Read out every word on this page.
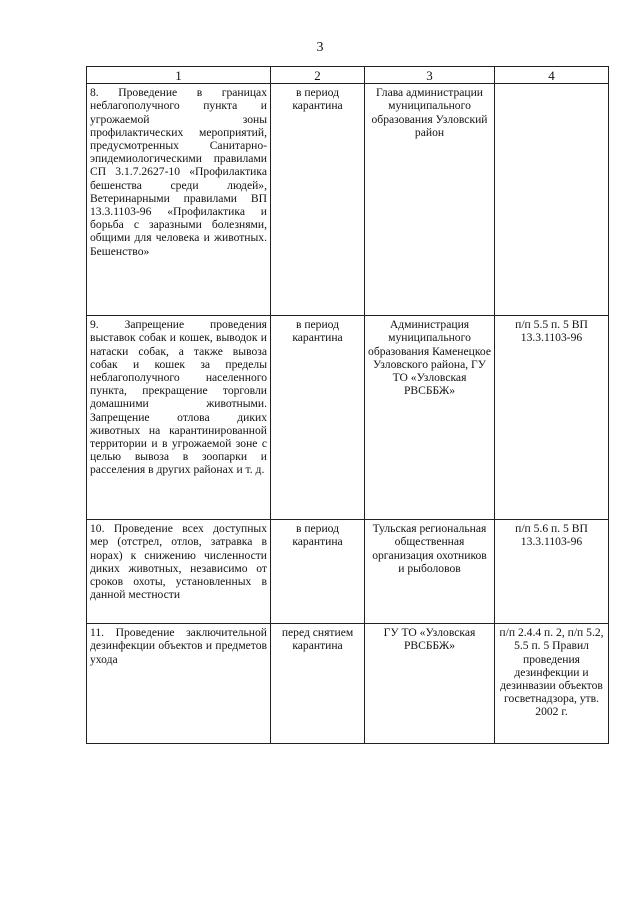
3
1	2	3	4
8. Проведение в границах неблагополучного пункта и угрожаемой зоны профилактических мероприятий, предусмотренных Санитарно-эпидемиологическими правилами СП 3.1.7.2627-10 «Профилактика бешенства среди людей», Ветеринарными правилами ВП 13.3.1103-96 «Профилактика и борьба с заразными болезнями, общими для человека и животных. Бешенство»	в период карантина	Глава администрации муниципального образования Узловский район	
9. Запрещение проведения выставок собак и кошек, выводок и натаски собак, а также вывоза собак и кошек за пределы неблагополучного населенного пункта, прекращение торговли домашними животными. Запрещение отлова диких животных на карантинированной территории и в угрожаемой зоне с целью вывоза в зоопарки и расселения в других районах и т. д.	в период карантина	Администрация муниципального образования Каменецкое Узловского района, ГУ ТО «Узловская РВСББЖ»	п/п 5.5 п. 5 ВП 13.3.1103-96
10. Проведение всех доступных мер (отстрел, отлов, затравка в норах) к снижению численности диких животных, независимо от сроков охоты, установленных в данной местности	в период карантина	Тульская региональная общественная организация охотников и рыболовов	п/п 5.6 п. 5 ВП 13.3.1103-96
11. Проведение заключительной дезинфекции объектов и предметов ухода	перед снятием карантина	ГУ ТО «Узловская РВСББЖ»	п/п 2.4.4 п. 2, п/п 5.2, 5.5 п. 5 Правил проведения дезинфекции и дезинвазии объектов госветнадзора, утв. 2002 г.
